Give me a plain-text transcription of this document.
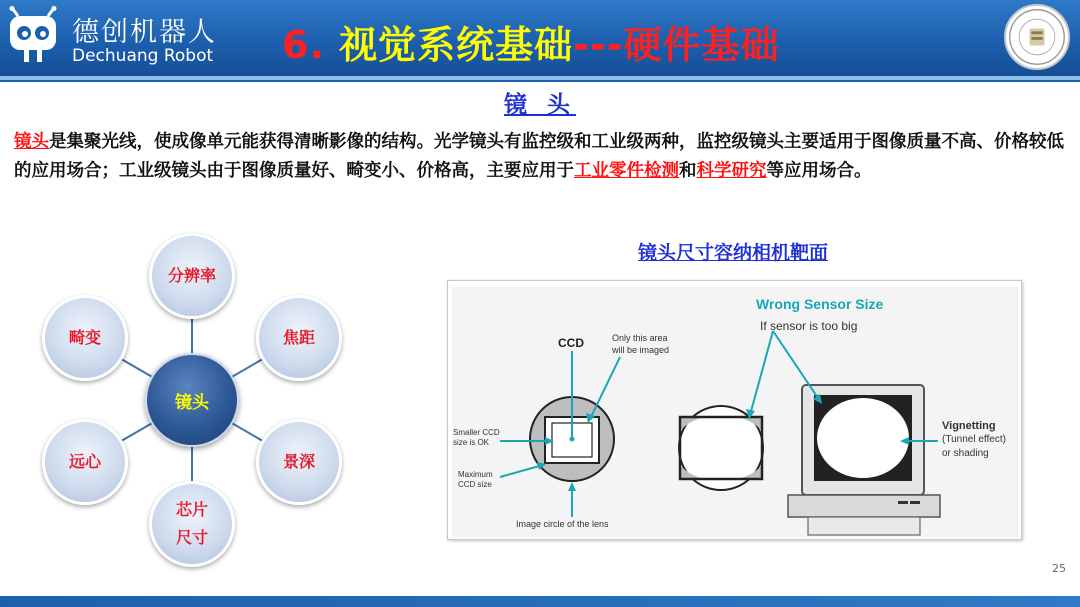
德创机器人
Dechuang Robot 6. 视觉系统基础---硬件基础
镜 头
镜头是集聚光线，使成像单元能获得清晰影像的结构。光学镜头有监控级和工业级两种，监控级镜头主要适用于图像质量不高、价格较低的应用场合；工业级镜头由于图像质量好、畸变小、价格高，主要应用于工业零件检测和科学研究等应用场合。
分辨率
焦距
景深
芯片
尺寸
远心
畸变
镜头
镜头尺寸容纳相机靶面
Wrong Sensor Size
If sensor is too big
CCD	Only this area
will be imaged
Smaller CCD
size is OK
Maximum
CCD size
Image circle of the lens
Vignetting
(Tunnel effect)
or shading
25
